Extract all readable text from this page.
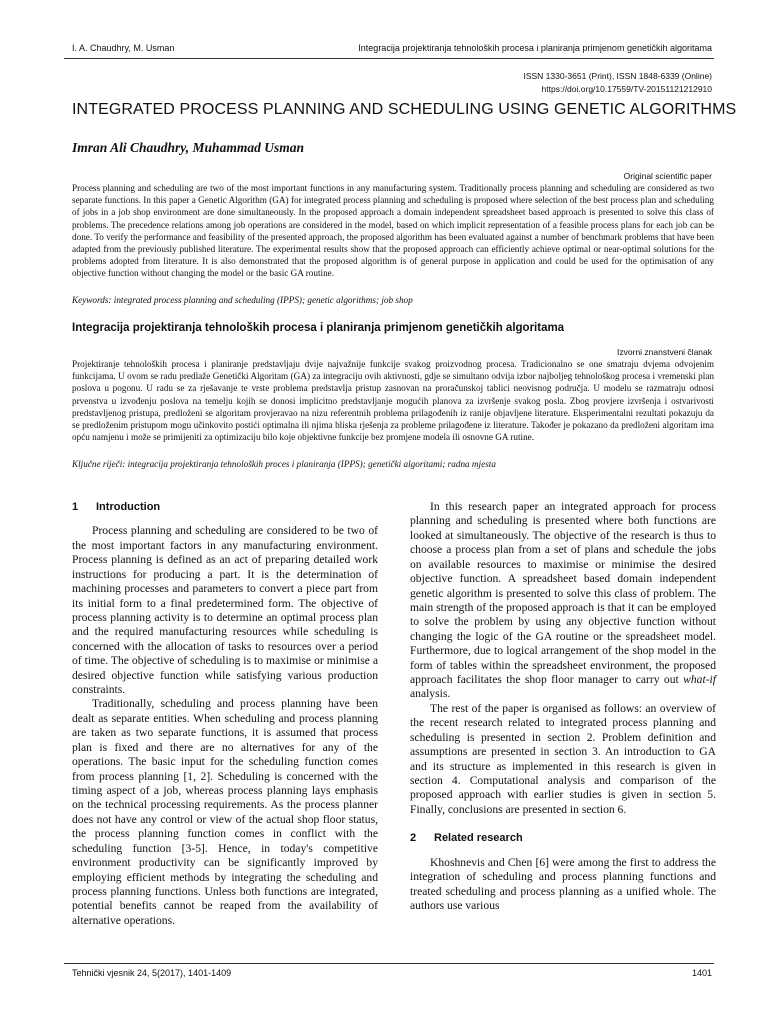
I. A. Chaudhry, M. Usman	Integracija projektiranja tehnoloških procesa i planiranja primjenom genetičkih algoritama
ISSN 1330-3651 (Print), ISSN 1848-6339 (Online)
https://doi.org/10.17559/TV-20151121212910
INTEGRATED PROCESS PLANNING AND SCHEDULING USING GENETIC ALGORITHMS
Imran Ali Chaudhry, Muhammad Usman
Original scientific paper

Process planning and scheduling are two of the most important functions in any manufacturing system. Traditionally process planning and scheduling are considered as two separate functions. In this paper a Genetic Algorithm (GA) for integrated process planning and scheduling is proposed where selection of the best process plan and scheduling of jobs in a job shop environment are done simultaneously. In the proposed approach a domain independent spreadsheet based approach is presented to solve this class of problems. The precedence relations among job operations are considered in the model, based on which implicit representation of a feasible process plans for each job can be done. To verify the performance and feasibility of the presented approach, the proposed algorithm has been evaluated against a number of benchmark problems that have been adapted from the previously published literature. The experimental results show that the proposed approach can efficiently achieve optimal or near-optimal solutions for the problems adopted from literature. It is also demonstrated that the proposed algorithm is of general purpose in application and could be used for the optimisation of any objective function without changing the model or the basic GA routine.

Keywords: integrated process planning and scheduling (IPPS); genetic algorithms; job shop
Integracija projektiranja tehnoloških procesa i planiranja primjenom genetičkih algoritama
Izvorni znanstveni članak

Projektiranje tehnoloških procesa i planiranje predstavljaju dvije najvažnije funkcije svakog proizvodnog procesa. Tradicionalno se one smatraju dvjema odvojenim funkcijama. U ovom se radu predlaže Genetički Algoritam (GA) za integraciju ovih aktivnosti, gdje se simultano odvija izbor najboljeg tehnološkog procesa i vremenski plan poslova u pogonu. U radu se za rješavanje te vrste problema predstavlja pristup zasnovan na proračunskoj tablici neovisnog područja. U modelu se razmatraju odnosi prvenstva u izvođenju poslova na temelju kojih se donosi implicitno predstavljanje mogućih planova za izvršenje svakog posla. Zbog provjere izvršenja i ostvarivosti predstavljenog pristupa, predloženi se algoritam provjeravao na nizu referentnih problema prilagođenih iz ranije objavljene literature. Eksperimentalni rezultati pokazuju da se predloženim pristupom mogu učinkovito postići optimalna ili njima bliska rješenja za probleme prilagođene iz literature. Također je pokazano da predloženi algoritam ima opću namjenu i može se primijeniti za optimizaciju bilo koje objektivne funkcije bez promjene modela ili osnovne GA rutine.

Ključne riječi: integracija projektiranja tehnoloških proces i planiranja (IPPS); genetički algoritami; radna mjesta
1 Introduction

Process planning and scheduling are considered to be two of the most important factors in any manufacturing environment. Process planning is defined as an act of preparing detailed work instructions for producing a part. It is the determination of machining processes and parameters to convert a piece part from its initial form to a final predetermined form. The objective of process planning activity is to determine an optimal process plan and the required manufacturing resources while scheduling is concerned with the allocation of tasks to resources over a period of time. The objective of scheduling is to maximise or minimise a desired objective function while satisfying various production constraints.

Traditionally, scheduling and process planning have been dealt as separate entities. When scheduling and process planning are taken as two separate functions, it is assumed that process plan is fixed and there are no alternatives for any of the operations. The basic input for the scheduling function comes from process planning [1, 2]. Scheduling is concerned with the timing aspect of a job, whereas process planning lays emphasis on the technical processing requirements. As the process planner does not have any control or view of the actual shop floor status, the process planning function comes in conflict with the scheduling function [3-5]. Hence, in today's competitive environment productivity can be significantly improved by employing efficient methods by integrating the scheduling and process planning functions. Unless both functions are integrated, potential benefits cannot be reaped from the availability of alternative operations.

In this research paper an integrated approach for process planning and scheduling is presented where both functions are looked at simultaneously. The objective of the research is thus to choose a process plan from a set of plans and schedule the jobs on available resources to maximise or minimise the desired objective function. A spreadsheet based domain independent genetic algorithm is presented to solve this class of problem. The main strength of the proposed approach is that it can be employed to solve the problem by using any objective function without changing the logic of the GA routine or the spreadsheet model. Furthermore, due to logical arrangement of the shop model in the form of tables within the spreadsheet environment, the proposed approach facilitates the shop floor manager to carry out what-if analysis.

The rest of the paper is organised as follows: an overview of the recent research related to integrated process planning and scheduling is presented in section 2. Problem definition and assumptions are presented in section 3. An introduction to GA and its structure as implemented in this research is given in section 4. Computational analysis and comparison of the proposed approach with earlier studies is given in section 5. Finally, conclusions are presented in section 6.

2 Related research

Khoshnevis and Chen [6] were among the first to address the integration of scheduling and process planning functions and treated scheduling and process planning as a unified whole. The authors use various

Tehnički vjesnik 24, 5(2017), 1401-1409	1401
